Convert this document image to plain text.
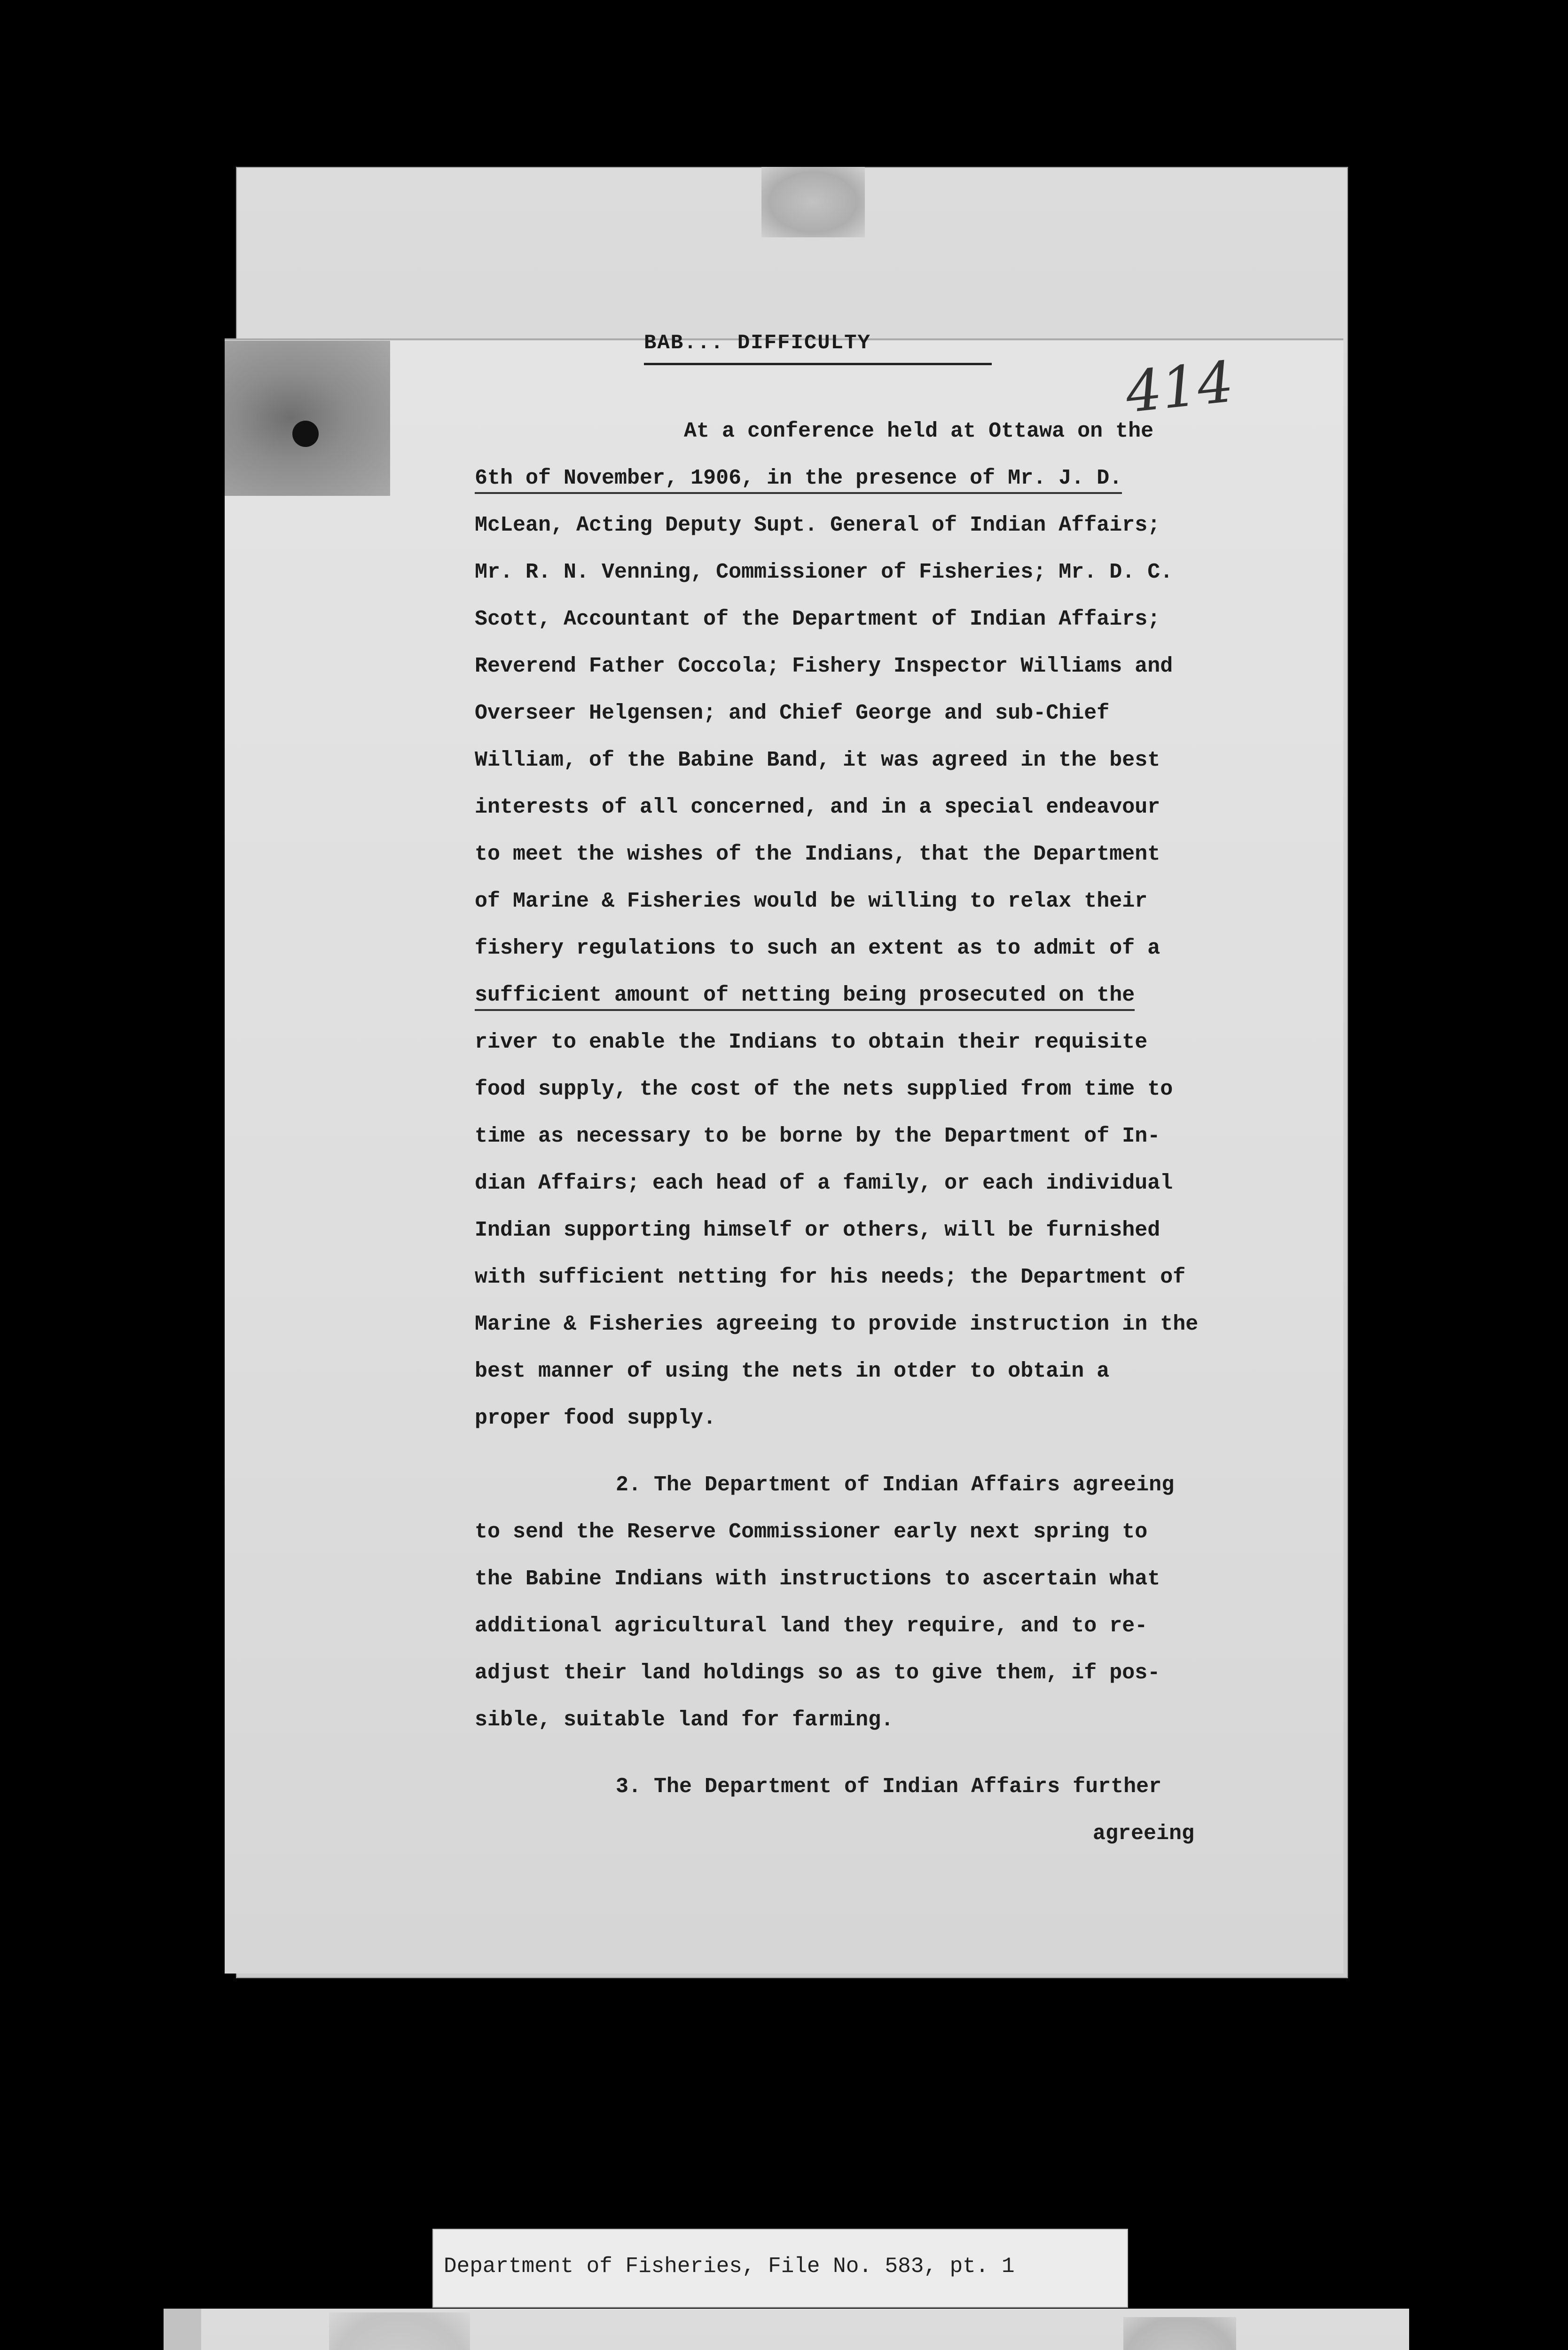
BAB... DIFFICULTY
414
At a conference held at Ottawa on the
6th of November, 1906, in the presence of Mr. J. D.
McLean, Acting Deputy Supt. General of Indian Affairs;
Mr. R. N. Venning, Commissioner of Fisheries; Mr. D. C.
Scott, Accountant of the Department of Indian Affairs;
Reverend Father Coccola; Fishery Inspector Williams and
Overseer Helgensen; and Chief George and sub-Chief
William, of the Babine Band, it was agreed in the best
interests of all concerned, and in a special endeavour
to meet the wishes of the Indians, that the Department
of Marine & Fisheries would be willing to relax their
fishery regulations to such an extent as to admit of a
sufficient amount of netting being prosecuted on the
river to enable the Indians to obtain their requisite
food supply, the cost of the nets supplied from time to
time as necessary to be borne by the Department of In-
dian Affairs; each head of a family, or each individual
Indian supporting himself or others, will be furnished
with sufficient netting for his needs; the Department of
Marine & Fisheries agreeing to provide instruction in the
best manner of using the nets in otder to obtain a
proper food supply.
2. The Department of Indian Affairs agreeing
to send the Reserve Commissioner early next spring to
the Babine Indians with instructions to ascertain what
additional agricultural land they require, and to re-
adjust their land holdings so as to give them, if pos-
sible, suitable land for farming.
3. The Department of Indian Affairs further
agreeing
Department of Fisheries, File No. 583, pt. 1
